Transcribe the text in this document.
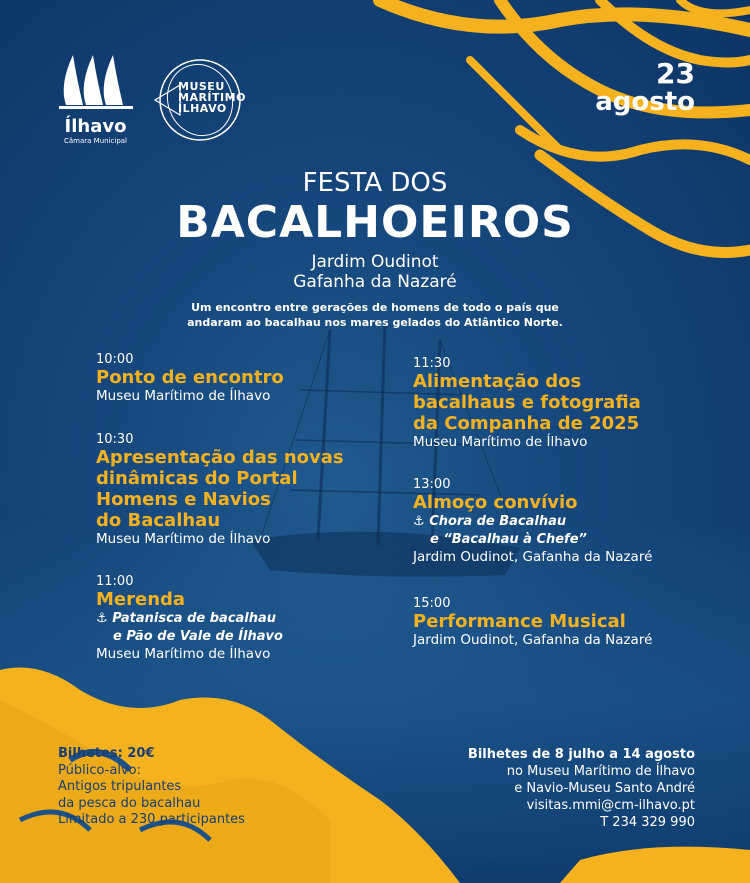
Ílhavo
Câmara Municipal
MUSEU
MARÍTIMO
ÍLHAVO
23
agosto
FESTA DOS
BACALHOEIROS
Jardim Oudinot
Gafanha da Nazaré
Um encontro entre gerações de homens de todo o país que
andaram ao bacalhau nos mares gelados do Atlântico Norte.
10:00
Ponto de encontro
Museu Marítimo de Ílhavo
10:30
Apresentação das novas
dinâmicas do Portal
Homens e Navios
do Bacalhau
Museu Marítimo de Ílhavo
11:00
Merenda
⚓ Patanisca de bacalhau
e Pão de Vale de Ílhavo
Museu Marítimo de Ílhavo
11:30
Alimentação dos
bacalhaus e fotografia
da Companha de 2025
Museu Marítimo de Ílhavo
13:00
Almoço convívio
⚓ Chora de Bacalhau
e “Bacalhau à Chefe”
Jardim Oudinot, Gafanha da Nazaré
15:00
Performance Musical
Jardim Oudinot, Gafanha da Nazaré
Bilhetes: 20€
Público-alvo:
Antigos tripulantes
da pesca do bacalhau
Limitado a 230 participantes
Bilhetes de 8 julho a 14 agosto
no Museu Marítimo de Ílhavo
e Navio-Museu Santo André
visitas.mmi@cm-ilhavo.pt
T 234 329 990
